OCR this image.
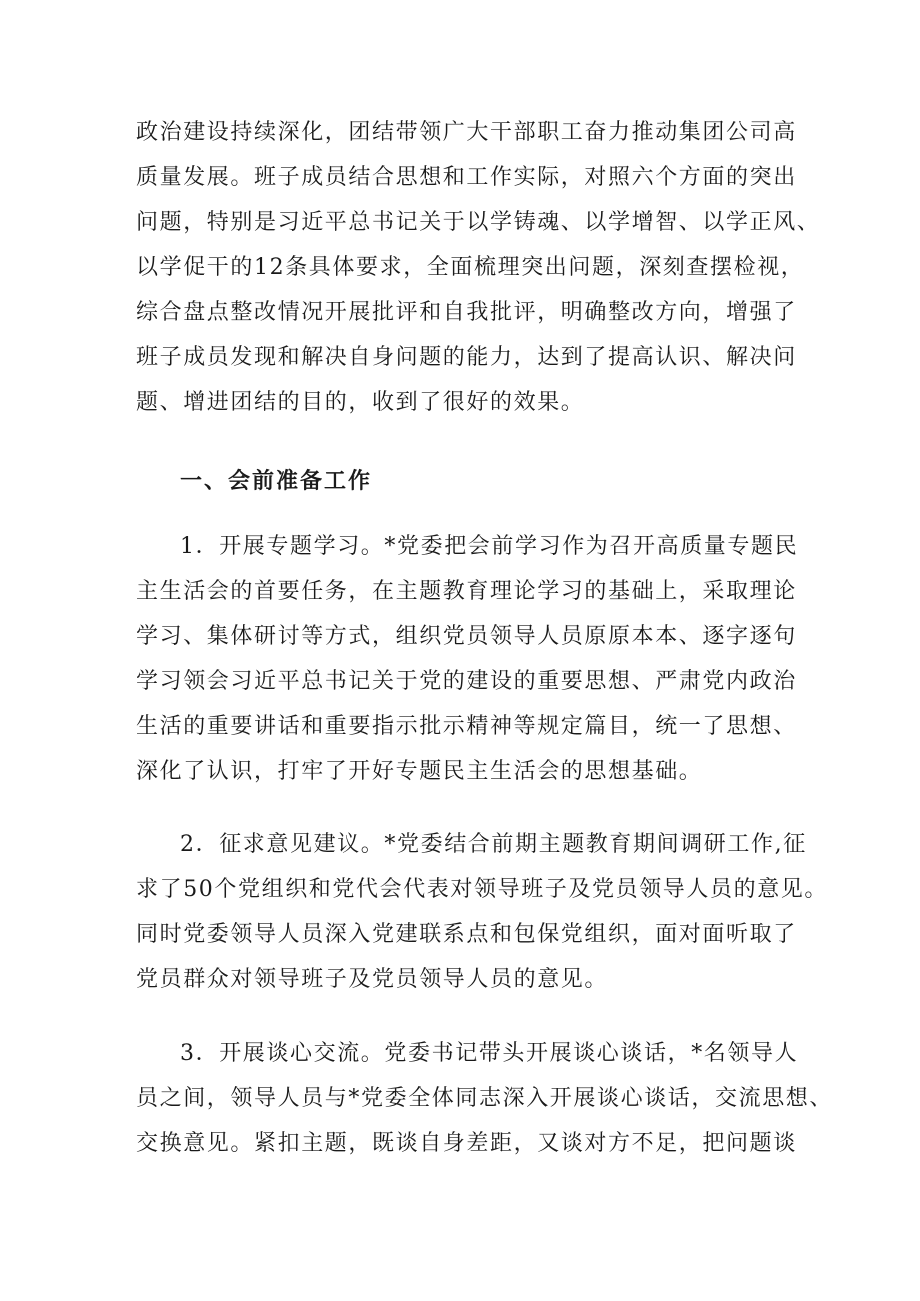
政治建设持续深化，团结带领广大干部职工奋力推动集团公司高
质量发展。班子成员结合思想和工作实际，对照六个方面的突出
问题，特别是习近平总书记关于以学铸魂、以学增智、以学正风、
以学促干的12条具体要求，全面梳理突出问题，深刻查摆检视，
综合盘点整改情况开展批评和自我批评，明确整改方向，增强了
班子成员发现和解决自身问题的能力，达到了提高认识、解决问
题、增进团结的目的，收到了很好的效果。
一、会前准备工作
1．开展专题学习。*党委把会前学习作为召开高质量专题民
主生活会的首要任务，在主题教育理论学习的基础上，采取理论
学习、集体研讨等方式，组织党员领导人员原原本本、逐字逐句
学习领会习近平总书记关于党的建设的重要思想、严肃党内政治
生活的重要讲话和重要指示批示精神等规定篇目，统一了思想、
深化了认识，打牢了开好专题民主生活会的思想基础。
2．征求意见建议。*党委结合前期主题教育期间调研工作,征
求了50个党组织和党代会代表对领导班子及党员领导人员的意见。
同时党委领导人员深入党建联系点和包保党组织，面对面听取了
党员群众对领导班子及党员领导人员的意见。
3．开展谈心交流。党委书记带头开展谈心谈话，*名领导人
员之间，领导人员与*党委全体同志深入开展谈心谈话，交流思想、
交换意见。紧扣主题，既谈自身差距，又谈对方不足，把问题谈
